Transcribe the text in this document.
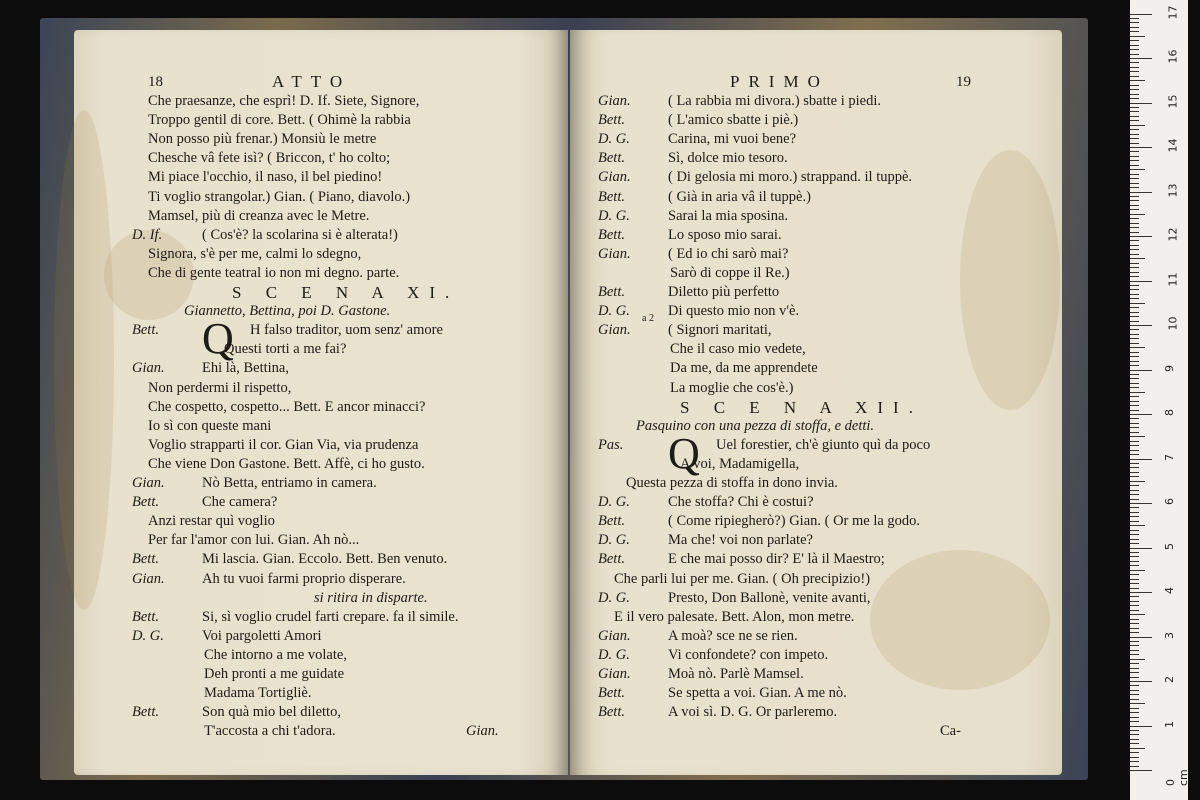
18	ATTO
Che praesanze, che esprì! D. If. Siete, Signore,
Troppo gentil di core. Bett. ( Ohimè la rabbia
Non posso più frenar.) Monsiù le metre
Chesche vâ fete isì? ( Briccon, t' ho colto;
Mi piace l'occhio, il naso, il bel piedino!
Ti voglio strangolar.) Gian. ( Piano, diavolo.)
Mamsel, più di creanza avec le Metre.
D. If.	( Cos'è? la scolarina si è alterata!)
Signora, s'è per me, calmi lo sdegno,
Che di gente teatral io non mi degno. parte.
S C E N A XI.
Giannetto, Bettina, poi D. Gastone.
Bett. Q H falso traditor, uom senz' amore
Questi torti a me fai?
Gian.	Ehi là, Bettina,
Non perdermi il rispetto,
Che cospetto, cospetto... Bett. E ancor minacci?
Io sì con queste mani
Voglio strapparti il cor. Gian Via, via prudenza
Che viene Don Gastone. Bett. Affè, ci ho gusto.
Gian.	Nò Betta, entriamo in camera.
Bett.	Che camera?
Anzi restar quì voglio
Per far l'amor con lui. Gian. Ah nò...
Bett.	Mi lascia. Gian. Eccolo. Bett. Ben venuto.
Gian.	Ah tu vuoi farmi proprio disperare.
si ritira in disparte.
Bett.	Si, sì voglio crudel farti crepare. fa il simile.
D. G.	Voi pargoletti Amori
Che intorno a me volate,
Deh pronti a me guidate
Madama Tortigliè.
Bett.	Son quà mio bel diletto,
T'accosta a chi t'adora.	Gian.
PRIMO	19
a 2
Gian.	( La rabbia mi divora.) sbatte i piedi.
Bett.	( L'amico sbatte i piè.)
D. G.	Carina, mi vuoi bene?
Bett.	Sì, dolce mio tesoro.
Gian.	( Di gelosia mi moro.) strappand. il tuppè.
Bett.	( Già in aria vâ il tuppè.)
D. G.	Sarai la mia sposina.
Bett.	Lo sposo mio sarai.
Gian.	( Ed io chi sarò mai?
Sarò di coppe il Re.)
Bett.	Diletto più perfetto
D. G.	Di questo mio non v'è.
Gian.	( Signori maritati,
Che il caso mio vedete,
Da me, da me apprendete
La moglie che cos'è.)
S C E N A XII.
Pasquino con una pezza di stoffa, e detti.
Pas. Q Uel forestier, ch'è giunto quì da poco
A voi, Madamigella,
Questa pezza di stoffa in dono invia.
D. G.	Che stoffa? Chi è costui?
Bett.	( Come ripiegherò?) Gian. ( Or me la godo.
D. G.	Ma che! voi non parlate?
Bett.	E che mai posso dir? E' là il Maestro;
Che parli lui per me. Gian. ( Oh precipizio!)
D. G.	Presto, Don Ballonè, venite avanti,
E il vero palesate. Bett. Alon, mon metre.
Gian.	A moà? sce ne se rien.
D. G.	Vi confondete? con impeto.
Gian.	Moà nò. Parlè Mamsel.
Bett.	Se spetta a voi. Gian. A me nò.
Bett.	A voi sì. D. G. Or parleremo.
Ca-
0 cm
1
2
3
4
5
6
7
8
9
10
11
12
13
14
15
16
17
